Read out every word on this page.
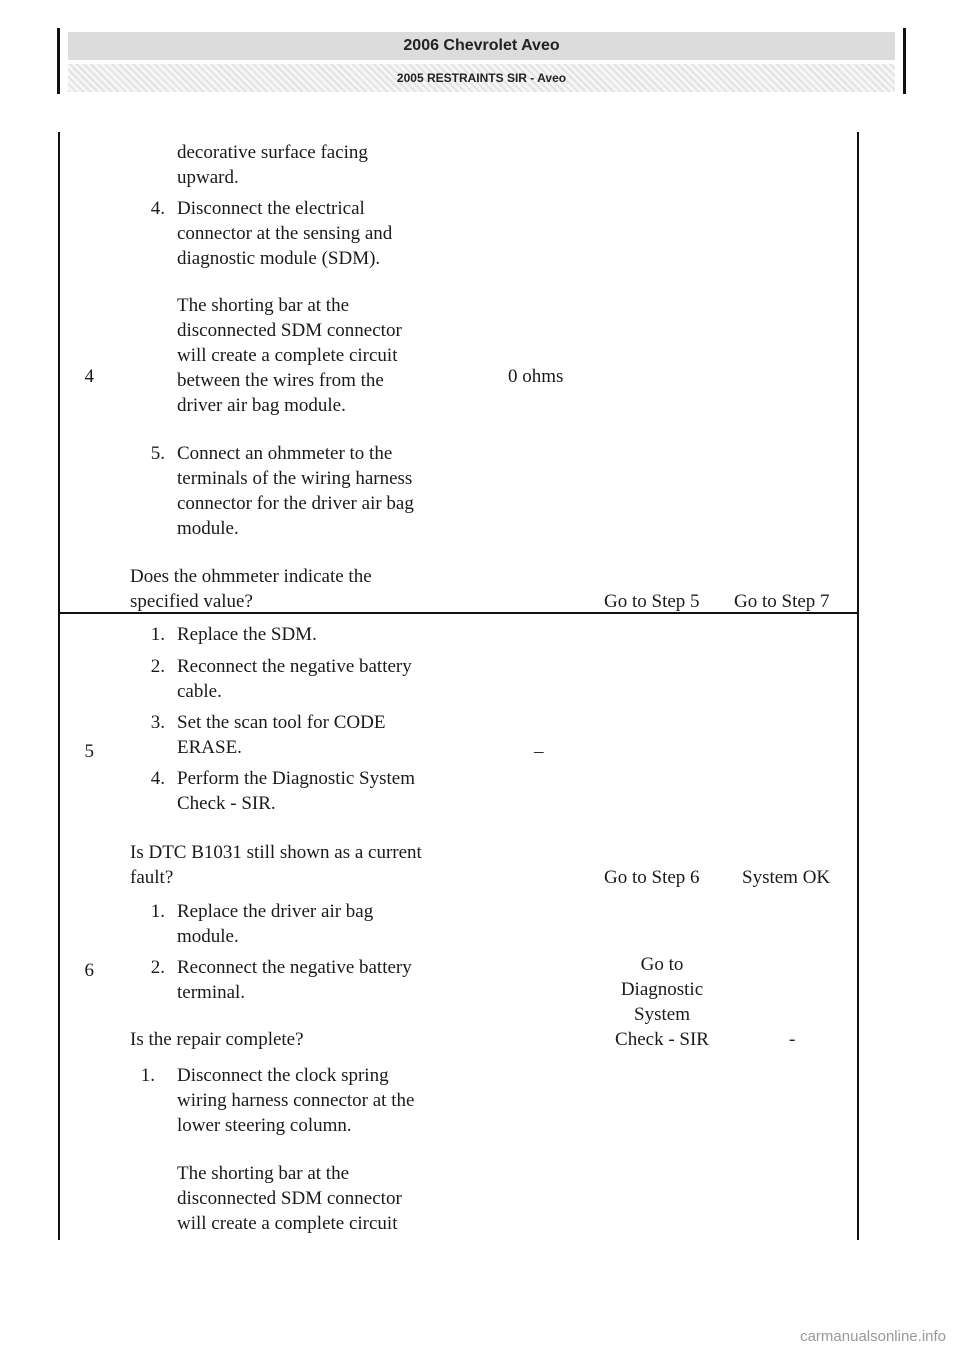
2006 Chevrolet Aveo
2005 RESTRAINTS SIR - Aveo
4
decorative surface facing
upward.
4. Disconnect the electrical
connector at the sensing and
diagnostic module (SDM).
The shorting bar at the
disconnected SDM connector
will create a complete circuit
between the wires from the
driver air bag module.
5. Connect an ohmmeter to the
terminals of the wiring harness
connector for the driver air bag
module.
Does the ohmmeter indicate the
specified value?
0 ohms
Go to Step 5 Go to Step 7
5
1. Replace the SDM.
2. Reconnect the negative battery
cable.
3. Set the scan tool for CODE
ERASE.
4. Perform the Diagnostic System
Check - SIR.
Is DTC B1031 still shown as a current
fault?
–
Go to Step 6 System OK
6
1. Replace the driver air bag
module.
2. Reconnect the negative battery
terminal.
Is the repair complete?
Go to
Diagnostic
System
Check - SIR	-
1. Disconnect the clock spring
wiring harness connector at the
lower steering column.
The shorting bar at the
disconnected SDM connector
will create a complete circuit
carmanualsonline.info
